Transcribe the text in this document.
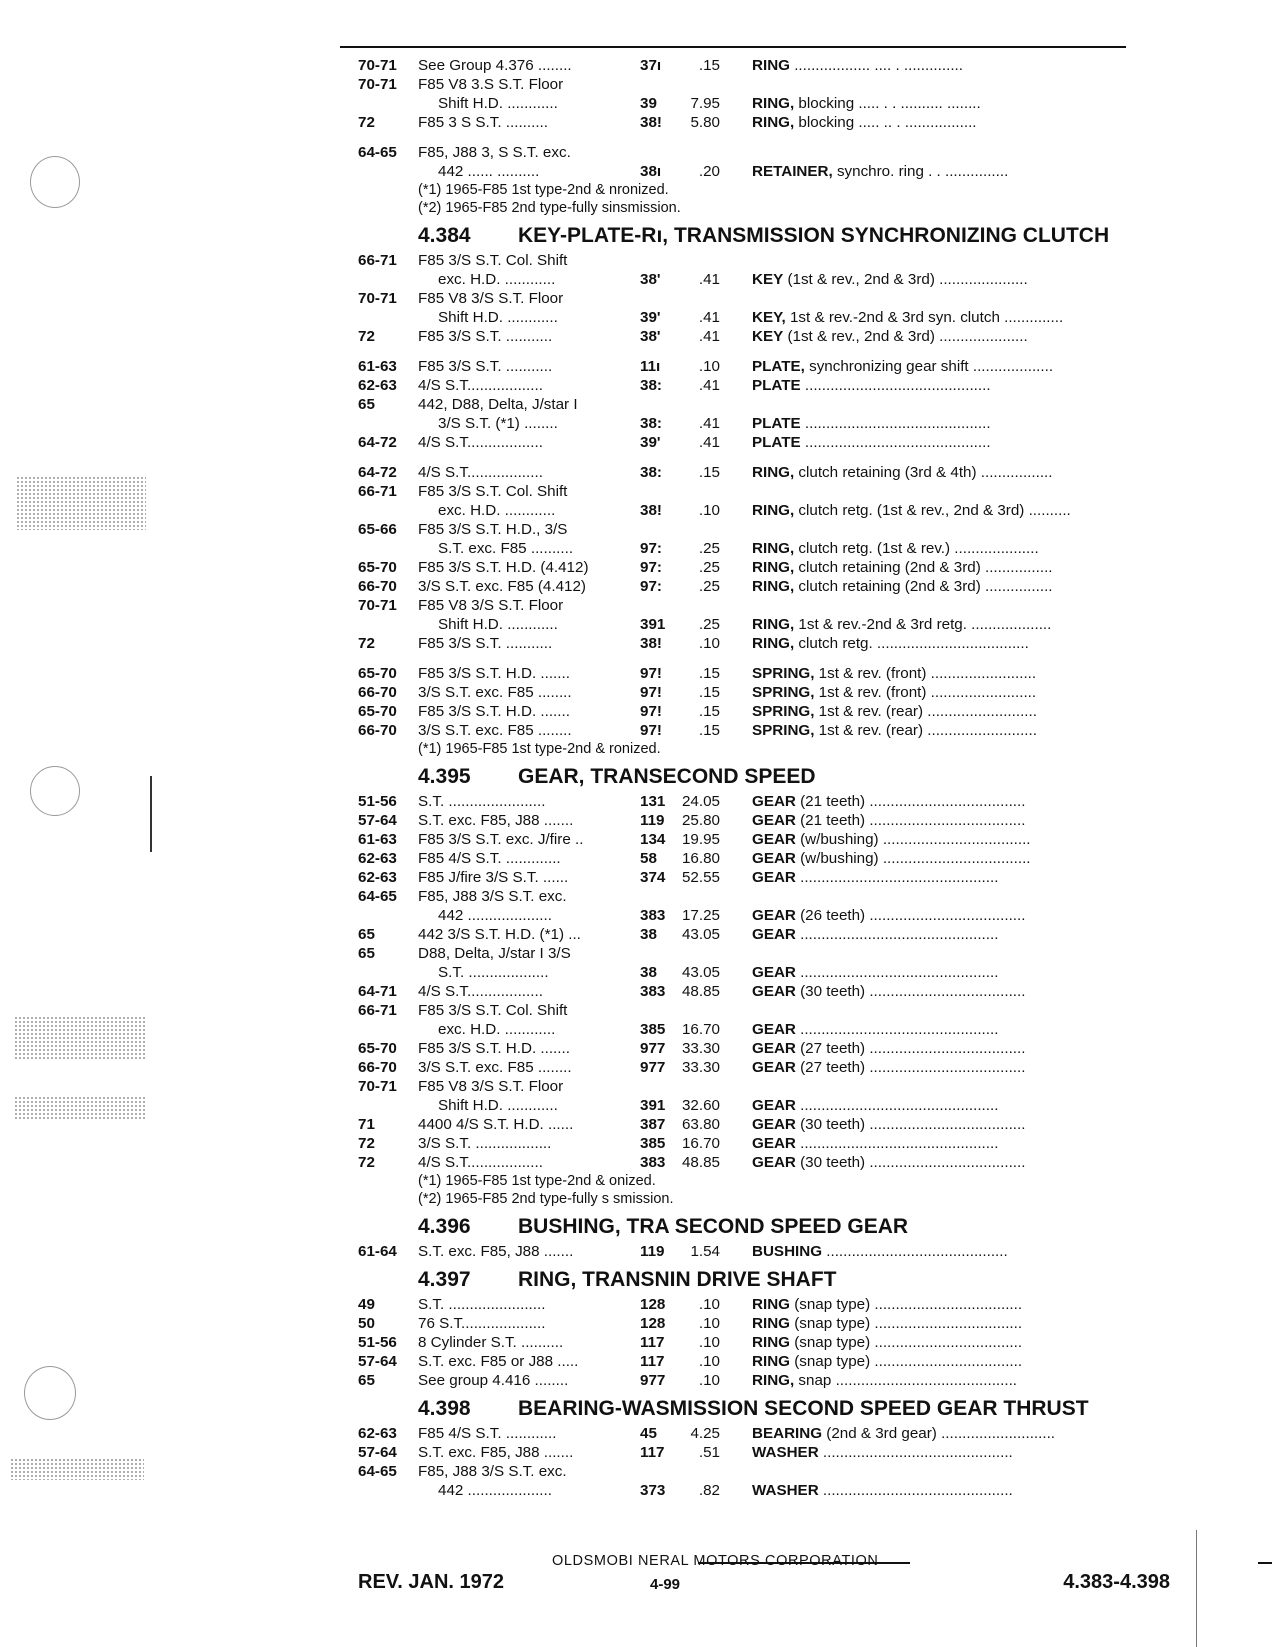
70-71 See Group 4.376 ........	37ı .15 RING .................. .... . ..............
70-71 F85 V8 3.S S.T. Floor
Shift H.D. ............	39 7.95 RING, blocking ..... . . .......... ........
72	F85 3 S S.T. ..........	38! 5.80 RING, blocking ..... .. . .................
64-65 F85, J88 3, S S.T. exc.
442 ...... ..........	38ı .20 RETAINER, synchro. ring . . ...............
(*1) 1965-F85 1st type-2nd & nronized.
(*2) 1965-F85 2nd type-fully sinsmission.
4.384 KEY-PLATE-Rı, TRANSMISSION SYNCHRONIZING CLUTCH
66-71 F85 3/S S.T. Col. Shift
exc. H.D. ............	38'	.41 KEY (1st & rev., 2nd & 3rd) .....................
70-71 F85 V8 3/S S.T. Floor
Shift H.D. ............	39'	.41 KEY, 1st & rev.-2nd & 3rd syn. clutch ..............
72	F85 3/S S.T. ...........	38'	.41 KEY (1st & rev., 2nd & 3rd) .....................
61-63 F85 3/S S.T. ...........	11ı	.10 PLATE, synchronizing gear shift ...................
62-63 4/S S.T..................	38: .41 PLATE ............................................
65	442, D88, Delta, J/star I
3/S S.T. (*1) ........	38: .41 PLATE ............................................
64-72 4/S S.T..................	39'	.41 PLATE ............................................
64-72 4/S S.T..................	38: .15 RING, clutch retaining (3rd & 4th) .................
66-71 F85 3/S S.T. Col. Shift
exc. H.D. ............	38! .10 RING, clutch retg. (1st & rev., 2nd & 3rd) ..........
65-66 F85 3/S S.T. H.D., 3/S
S.T. exc. F85 ..........	97: .25 RING, clutch retg. (1st & rev.) ....................
65-70 F85 3/S S.T. H.D. (4.412)	97: .25 RING, clutch retaining (2nd & 3rd) ................
66-70 3/S S.T. exc. F85 (4.412)	97: .25 RING, clutch retaining (2nd & 3rd) ................
70-71 F85 V8 3/S S.T. Floor
Shift H.D. ............	391 .25 RING, 1st & rev.-2nd & 3rd retg. ...................
72	F85 3/S S.T. ...........	38! .10 RING, clutch retg. ....................................
65-70 F85 3/S S.T. H.D. .......	97! .15 SPRING, 1st & rev. (front) .........................
66-70 3/S S.T. exc. F85 ........	97! .15 SPRING, 1st & rev. (front) .........................
65-70 F85 3/S S.T. H.D. .......	97! .15 SPRING, 1st & rev. (rear) ..........................
66-70 3/S S.T. exc. F85 ........	97! .15 SPRING, 1st & rev. (rear) ..........................
(*1) 1965-F85 1st type-2nd & ronized.
4.395 GEAR, TRANSECOND SPEED
51-56 S.T. .......................	131 24.05 GEAR (21 teeth) .....................................
57-64 S.T. exc. F85, J88 .......	119 25.80 GEAR (21 teeth) .....................................
61-63 F85 3/S S.T. exc. J/fire ..	134 19.95 GEAR (w/bushing) ...................................
62-63 F85 4/S S.T. .............	58 16.80 GEAR (w/bushing) ...................................
62-63 F85 J/fire 3/S S.T. ......	374 52.55 GEAR ...............................................
64-65 F85, J88 3/S S.T. exc.
442 ....................	383 17.25 GEAR (26 teeth) .....................................
65	442 3/S S.T. H.D. (*1) ...	38 43.05 GEAR ...............................................
65	D88, Delta, J/star I 3/S
S.T. ...................	38 43.05 GEAR ...............................................
64-71 4/S S.T..................	383 48.85 GEAR (30 teeth) .....................................
66-71 F85 3/S S.T. Col. Shift
exc. H.D. ............	385 16.70 GEAR ...............................................
65-70 F85 3/S S.T. H.D. .......	977 33.30 GEAR (27 teeth) .....................................
66-70 3/S S.T. exc. F85 ........	977 33.30 GEAR (27 teeth) .....................................
70-71 F85 V8 3/S S.T. Floor
Shift H.D. ............	391 32.60 GEAR ...............................................
71	4400 4/S S.T. H.D. ......	387 63.80 GEAR (30 teeth) .....................................
72	3/S S.T. ..................	385 16.70 GEAR ...............................................
72	4/S S.T..................	383 48.85 GEAR (30 teeth) .....................................
(*1) 1965-F85 1st type-2nd & onized.
(*2) 1965-F85 2nd type-fully s smission.
4.396 BUSHING, TRA SECOND SPEED GEAR
61-64 S.T. exc. F85, J88 .......	119 1.54 BUSHING ...........................................
4.397 RING, TRANSNIN DRIVE SHAFT
49	S.T. .......................	128 .10 RING (snap type) ...................................
50	76 S.T....................	128 .10 RING (snap type) ...................................
51-56 8 Cylinder S.T. ..........	117 .10 RING (snap type) ...................................
57-64 S.T. exc. F85 or J88 .....	117 .10 RING (snap type) ...................................
65	See group 4.416 ........	977 .10 RING, snap ...........................................
4.398 BEARING-WASMISSION SECOND SPEED GEAR THRUST
62-63 F85 4/S S.T. ............	45 4.25 BEARING (2nd & 3rd gear) ...........................
57-64 S.T. exc. F85, J88 .......	117 .51 WASHER .............................................
64-65 F85, J88 3/S S.T. exc.
442 ....................	373 .82 WASHER .............................................
OLDSMOBI NERAL MOTORS CORPORATION
REV. JAN. 1972	4-99	4.383-4.398
